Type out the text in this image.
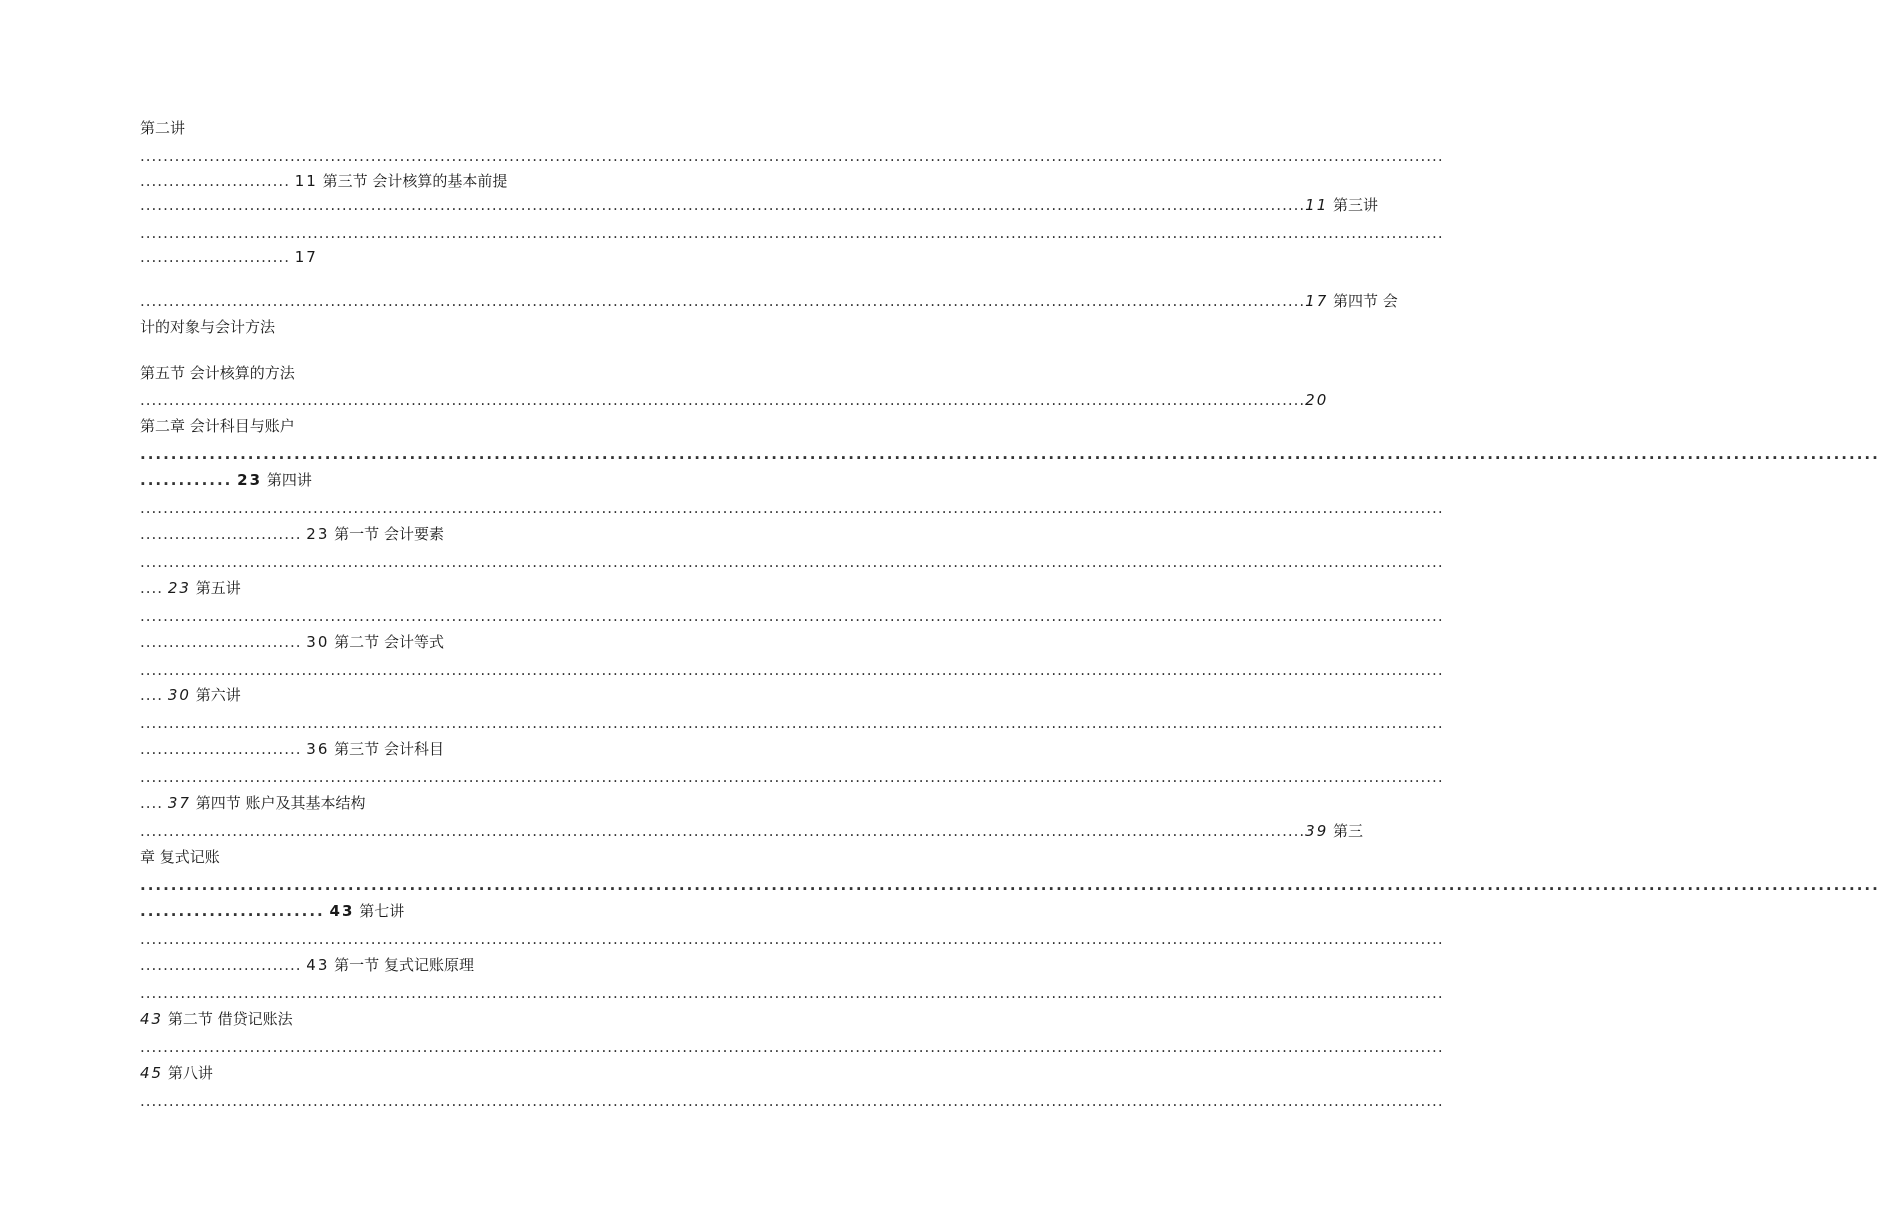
第二讲
..................................................................................................................................................................................................................................
.......................... 11 第三节 会计核算的基本前提
.......................................................................................................................................................................................................... 11 第三讲
..................................................................................................................................................................................................................................
.......................... 17
.......................................................................................................................................................................................................... 17 第四节 会
计的对象与会计方法
第五节 会计核算的方法
.......................................................................................................................................................................................................... 20
第二章 会计科目与账户
..................................................................................................................................................................................................................................
............ 23 第四讲
..................................................................................................................................................................................................................................
............................ 23 第一节 会计要素
..................................................................................................................................................................................................................................
.... 23 第五讲
..................................................................................................................................................................................................................................
............................ 30 第二节 会计等式
..................................................................................................................................................................................................................................
.... 30 第六讲
..................................................................................................................................................................................................................................
............................ 36 第三节 会计科目
..................................................................................................................................................................................................................................
.... 37 第四节 账户及其基本结构
.......................................................................................................................................................................................................... 39 第三
章 复式记账
..................................................................................................................................................................................................................................
........................ 43 第七讲
..................................................................................................................................................................................................................................
............................ 43 第一节 复式记账原理
..................................................................................................................................................................................................................................
43 第二节 借贷记账法
..................................................................................................................................................................................................................................
45 第八讲
..................................................................................................................................................................................................................................
